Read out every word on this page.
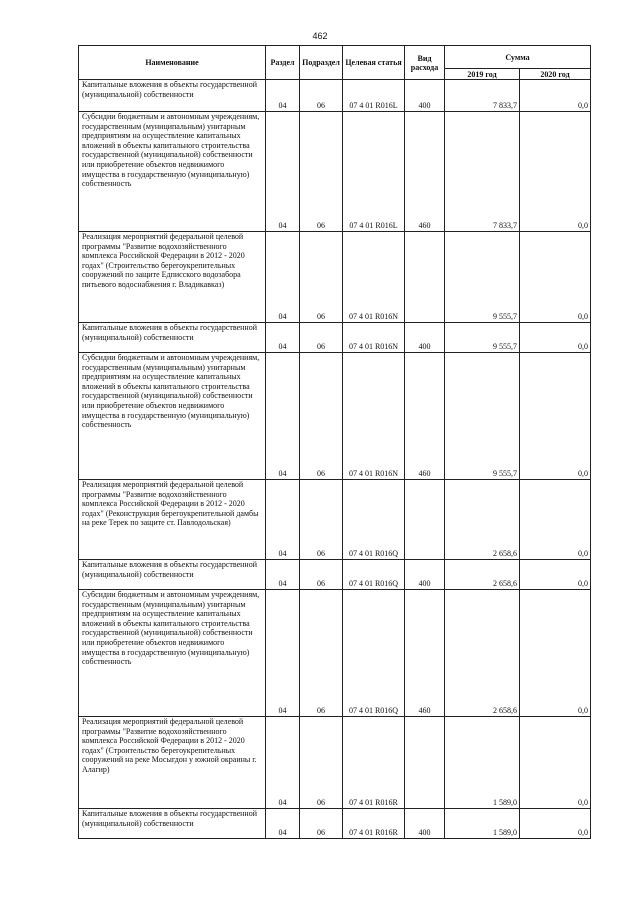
462
Наименование	Раздел	Подраздел	Целевая статья	Вид расхода	Сумма	
					2019 год	2020 год
Капитальные вложения в объекты государственной (муниципальной) собственности	04	06	07 4 01 R016L	400	7 833,7	0,0
Субсидии бюджетным и автономным учреждениям, государственным (муниципальным) унитарным предприятиям на осуществление капитальных вложений в объекты капитального строительства государственной (муниципальной) собственности или приобретение объектов недвижимого имущества в государственную (муниципальную) собственность	04	06	07 4 01 R016L	460	7 833,7	0,0
Реализация мероприятий федеральной целевой программы "Развитие водохозяйственного комплекса Российской Федерации в 2012 - 2020 годах" (Строительство берегоукрепительных сооружений по защите Едписского водозабора питьевого водоснабжения г. Владикавказ)	04	06	07 4 01 R016N		9 555,7	0,0
Капитальные вложения в объекты государственной (муниципальной) собственности	04	06	07 4 01 R016N	400	9 555,7	0,0
Субсидии бюджетным и автономным учреждениям, государственным (муниципальным) унитарным предприятиям на осуществление капитальных вложений в объекты капитального строительства государственной (муниципальной) собственности или приобретение объектов недвижимого имущества в государственную (муниципальную) собственность	04	06	07 4 01 R016N	460	9 555,7	0,0
Реализация мероприятий федеральной целевой программы "Развитие водохозяйственного комплекса Российской Федерации в 2012 - 2020 годах" (Реконструкция берегоукрепительной дамбы на реке Терек по защите ст. Павлодольская)	04	06	07 4 01 R016Q		2 658,6	0,0
Капитальные вложения в объекты государственной (муниципальной) собственности	04	06	07 4 01 R016Q	400	2 658,6	0,0
Субсидии бюджетным и автономным учреждениям, государственным (муниципальным) унитарным предприятиям на осуществление капитальных вложений в объекты капитального строительства государственной (муниципальной) собственности или приобретение объектов недвижимого имущества в государственную (муниципальную) собственность	04	06	07 4 01 R016Q	460	2 658,6	0,0
Реализация мероприятий федеральной целевой программы "Развитие водохозяйственного комплекса Российской Федерации в 2012 - 2020 годах" (Строительство берегоукрепительных сооружений на реке Мосыгдон у южной окраины г. Алагир)	04	06	07 4 01 R016R		1 589,0	0,0
Капитальные вложения в объекты государственной (муниципальной) собственности	04	06	07 4 01 R016R	400	1 589,0	0,0
